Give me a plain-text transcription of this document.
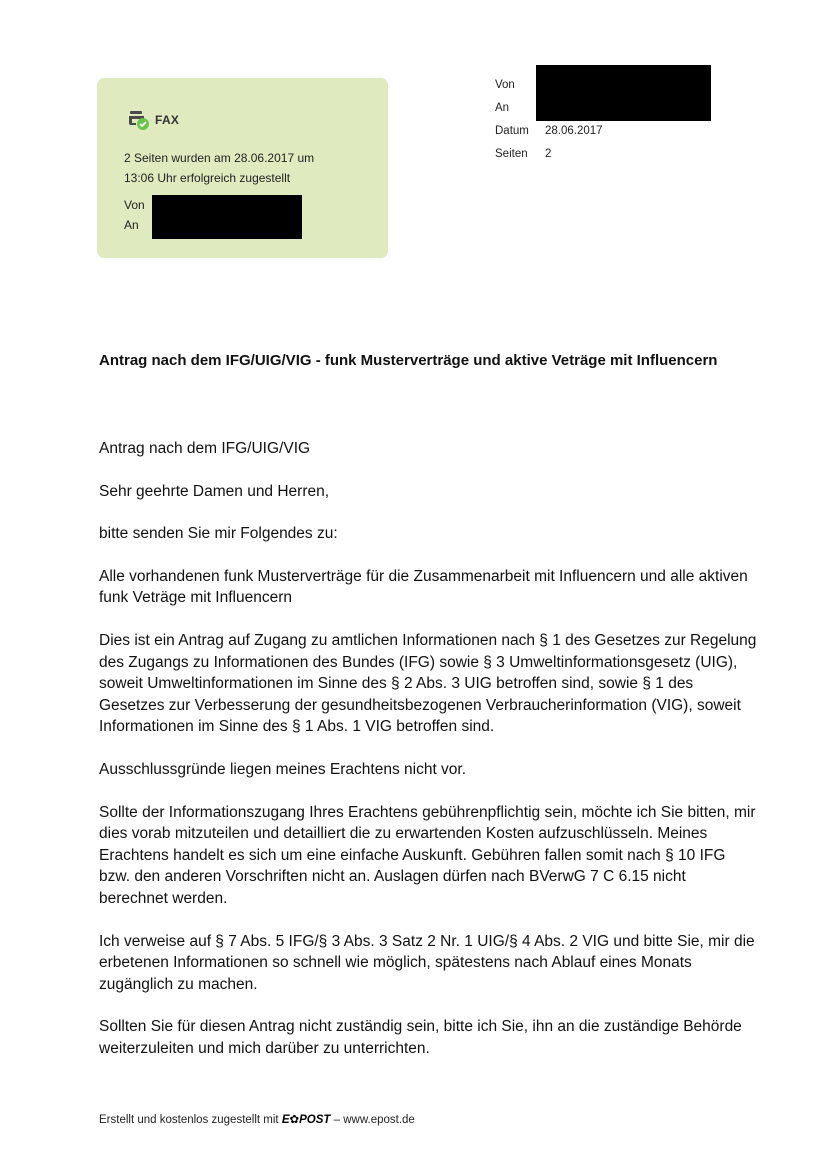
FAX
2 Seiten wurden am 28.06.2017 um
13:06 Uhr erfolgreich zugestellt
Von
An
Von
An
Datum	28.06.2017
Seiten	2
Antrag nach dem IFG/UIG/VIG - funk Musterverträge und aktive Veträge mit Influencern

Antrag nach dem IFG/UIG/VIG

Sehr geehrte Damen und Herren,

bitte senden Sie mir Folgendes zu:

Alle vorhandenen funk Musterverträge für die Zusammenarbeit mit Influencern und alle aktiven funk Veträge mit Influencern

Dies ist ein Antrag auf Zugang zu amtlichen Informationen nach § 1 des Gesetzes zur Regelung des Zugangs zu Informationen des Bundes (IFG) sowie § 3 Umweltinformationsgesetz (UIG), soweit Umweltinformationen im Sinne des § 2 Abs. 3 UIG betroffen sind, sowie § 1 des Gesetzes zur Verbesserung der gesundheitsbezogenen Verbraucherinformation (VIG), soweit Informationen im Sinne des § 1 Abs. 1 VIG betroffen sind.

Ausschlussgründe liegen meines Erachtens nicht vor.

Sollte der Informationszugang Ihres Erachtens gebührenpflichtig sein, möchte ich Sie bitten, mir dies vorab mitzuteilen und detailliert die zu erwartenden Kosten aufzuschlüsseln. Meines Erachtens handelt es sich um eine einfache Auskunft. Gebühren fallen somit nach § 10 IFG bzw. den anderen Vorschriften nicht an. Auslagen dürfen nach BVerwG 7 C 6.15 nicht berechnet werden.

Ich verweise auf § 7 Abs. 5 IFG/§ 3 Abs. 3 Satz 2 Nr. 1 UIG/§ 4 Abs. 2 VIG und bitte Sie, mir die erbetenen Informationen so schnell wie möglich, spätestens nach Ablauf eines Monats zugänglich zu machen.

Sollten Sie für diesen Antrag nicht zuständig sein, bitte ich Sie, ihn an die zuständige Behörde weiterzuleiten und mich darüber zu unterrichten.

Erstellt und kostenlos zugestellt mit E✿POST – www.epost.de
